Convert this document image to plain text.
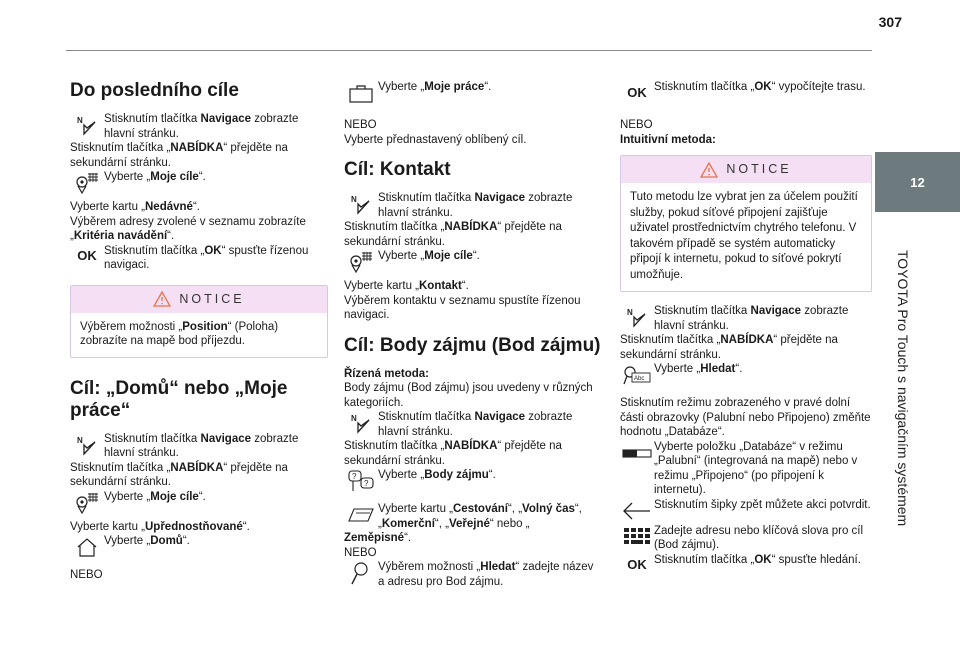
307
12
TOYOTA Pro Touch s navigačním systémem
Do posledního cíle
N Stisknutím tlačítka Navigace zobrazte hlavní stránku.

Stisknutím tlačítka „NABÍDKA“ přejděte na sekundární stránku.

Vyberte „Moje cíle“.

Vyberte kartu „Nedávné“.

Výběrem adresy zvolené v seznamu zobrazíte „Kritéria navádění“.

OK Stisknutím tlačítka „OK“ spusťte řízenou navigaci.

NOTICE
Výběrem možnosti „Position“ (Poloha) zobrazíte na mapě bod příjezdu.
Cíl: „Domů“ nebo „Moje práce“
N Stisknutím tlačítka Navigace zobrazte hlavní stránku.

Stisknutím tlačítka „NABÍDKA“ přejděte na sekundární stránku.

Vyberte „Moje cíle“.

Vyberte kartu „Upřednostňované“.

Vyberte „Domů“.

NEBO

Vyberte „Moje práce“.

NEBO

Vyberte přednastavený oblíbený cíl.

Cíl: Kontakt
N Stisknutím tlačítka Navigace zobrazte hlavní stránku.

Stisknutím tlačítka „NABÍDKA“ přejděte na sekundární stránku.

Vyberte „Moje cíle“.

Vyberte kartu „Kontakt“.

Výběrem kontaktu v seznamu spustíte řízenou navigaci.

Cíl: Body zájmu (Bod zájmu)

Řízená metoda:

Body zájmu (Bod zájmu) jsou uvedeny v různých kategoriích.

N Stisknutím tlačítka Navigace zobrazte hlavní stránku.

Stisknutím tlačítka „NABÍDKA“ přejděte na sekundární stránku.

?
?

Vyberte „Body zájmu“.

Vyberte kartu „Cestování“, „Volný čas“, „Komerční“, „Veřejné“ nebo „

Zeměpisné“.

NEBO

Výběrem možnosti „Hledat“ zadejte název a adresu pro Bod zájmu.

OK Stisknutím tlačítka „OK“ vypočítejte trasu.

NEBO

Intuitivní metoda:

NOTICE
Tuto metodu lze vybrat jen za účelem použití služby, pokud síťové připojení zajišťuje uživatel prostřednictvím chytrého telefonu. V takovém případě se systém automaticky připojí k internetu, pokud to síťové pokrytí umožňuje.
N Stisknutím tlačítka Navigace zobrazte hlavní stránku.

Stisknutím tlačítka „NABÍDKA“ přejděte na sekundární stránku.

Abc

Vyberte „Hledat“.

Stisknutím režimu zobrazeného v pravé dolní části obrazovky (Palubní nebo Připojeno) změňte hodnotu „Databáze“.

Vyberte položku „Databáze“ v režimu „Palubní“ (integrovaná na mapě) nebo v režimu „Připojeno“ (po připojení k internetu).

Stisknutím šipky zpět můžete akci potvrdit.

Zadejte adresu nebo klíčová slova pro cíl (Bod zájmu).

OK Stisknutím tlačítka „OK“ spusťte hledání.
